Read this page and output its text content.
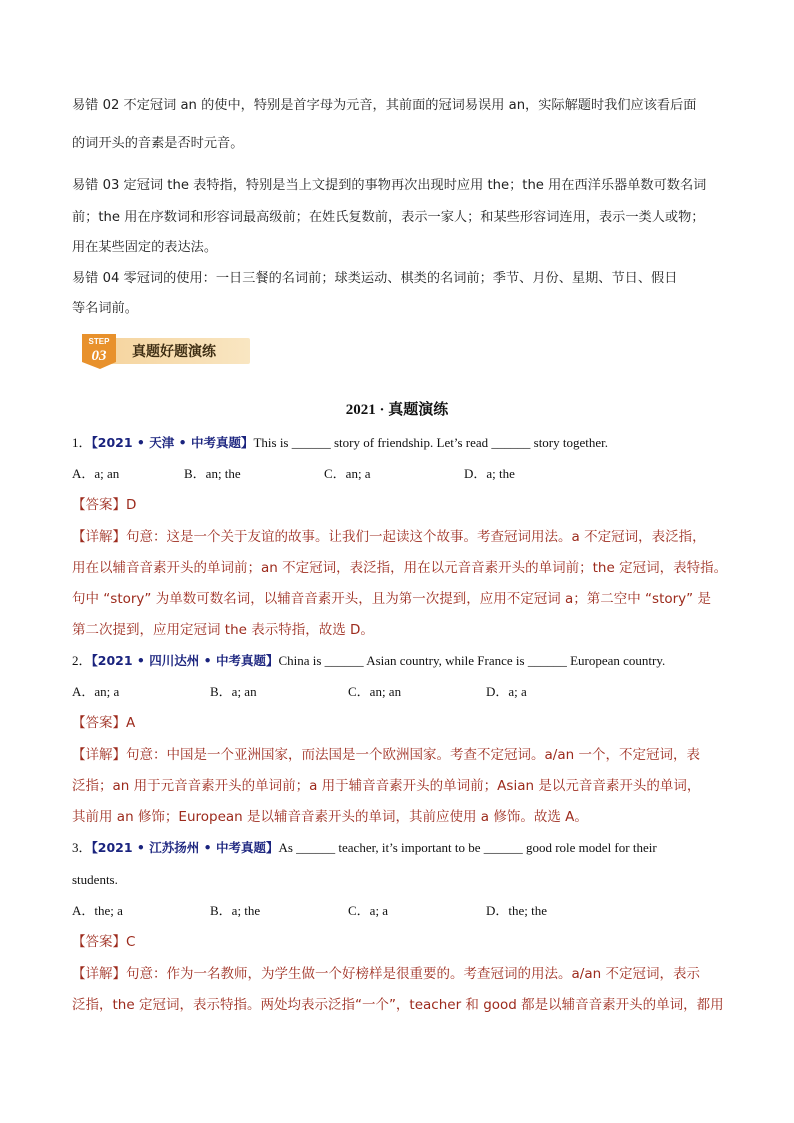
易错 02 不定冠词 an 的使中，特别是首字母为元音，其前面的冠词易误用 an，实际解题时我们应该看后面
的词开头的音素是否时元音。
易错 03 定冠词 the 表特指，特别是当上文提到的事物再次出现时应用 the；the 用在西洋乐器单数可数名词
前；the 用在序数词和形容词最高级前；在姓氏复数前，表示一家人；和某些形容词连用，表示一类人或物；
用在某些固定的表达法。
易错 04 零冠词的使用：一日三餐的名词前；球类运动、棋类的名词前；季节、月份、星期、节日、假日
等名词前。
STEP
03 真题好题演练
2021 · 真题演练
1．【2021 • 天津 • 中考真题】This is ______ story of friendship. Let’s read ______ story together.
A．a; an	B．an; the	C．an; a	D．a; the
【答案】D
【详解】句意：这是一个关于友谊的故事。让我们一起读这个故事。考查冠词用法。a 不定冠词，表泛指，
用在以辅音音素开头的单词前；an 不定冠词，表泛指，用在以元音音素开头的单词前；the 定冠词，表特指。
句中 “story” 为单数可数名词，以辅音音素开头，且为第一次提到，应用不定冠词 a；第二空中 “story” 是
第二次提到，应用定冠词 the 表示特指，故选 D。
2．【2021 • 四川达州 • 中考真题】China is ______ Asian country, while France is ______ European country.
A．an; a	B．a; an	C．an; an	D．a; a
【答案】A
【详解】句意：中国是一个亚洲国家，而法国是一个欧洲国家。考查不定冠词。a/an 一个，不定冠词，表
泛指；an 用于元音音素开头的单词前；a 用于辅音音素开头的单词前；Asian 是以元音音素开头的单词，
其前用 an 修饰；European 是以辅音音素开头的单词，其前应使用 a 修饰。故选 A。
3．【2021 • 江苏扬州 • 中考真题】As ______ teacher, it’s important to be ______ good role model for their
students.
A．the; a	B．a; the	C．a; a	D．the; the
【答案】C
【详解】句意：作为一名教师，为学生做一个好榜样是很重要的。考查冠词的用法。a/an 不定冠词，表示
泛指，the 定冠词，表示特指。两处均表示泛指“一个”，teacher 和 good 都是以辅音音素开头的单词，都用
